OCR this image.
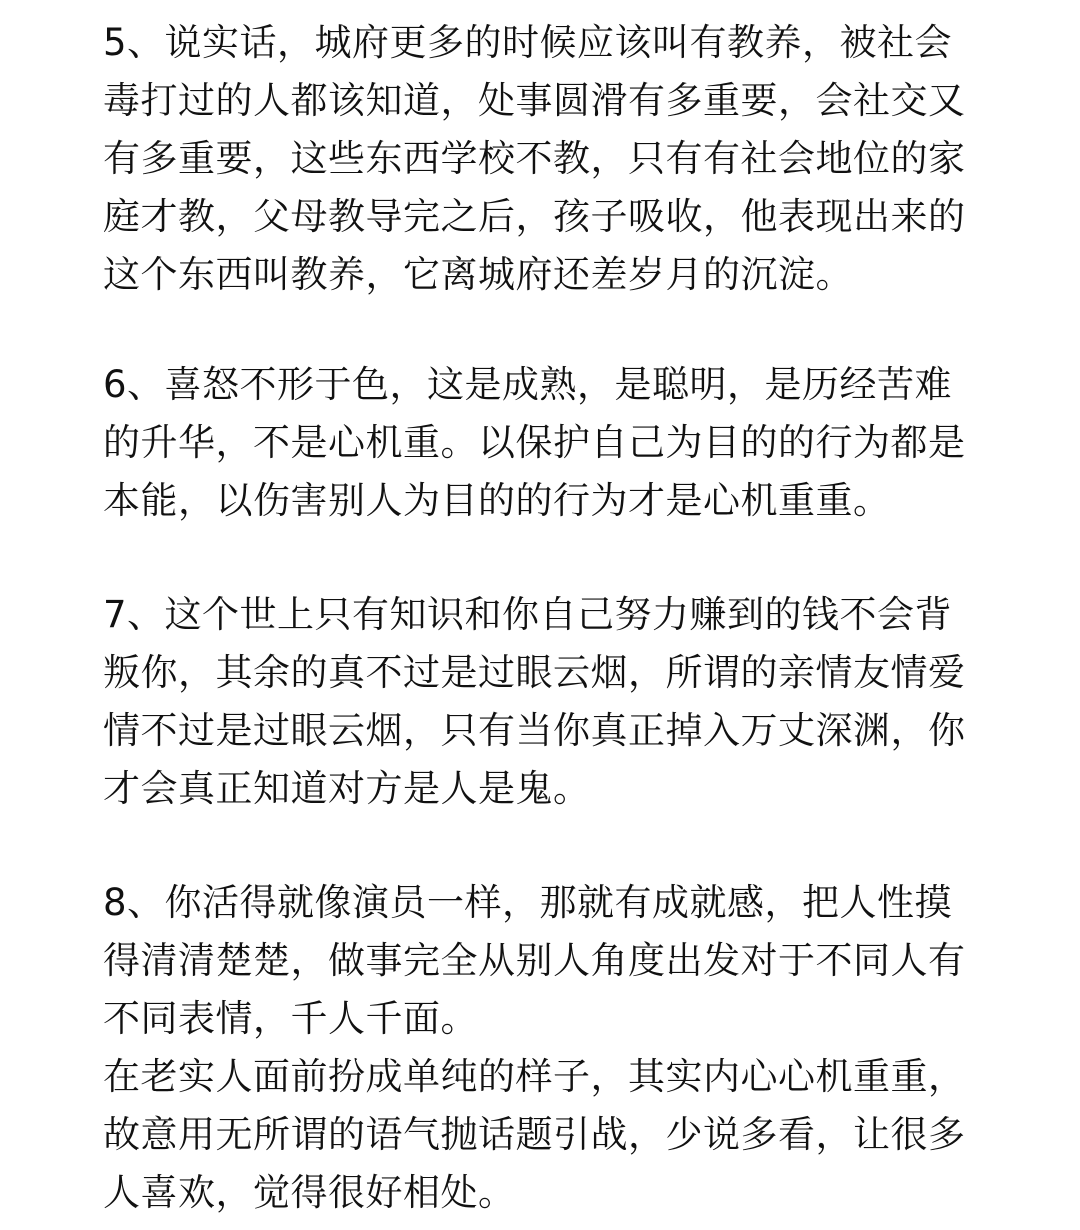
5、说实话，城府更多的时候应该叫有教养，被社会
毒打过的人都该知道，处事圆滑有多重要，会社交又
有多重要，这些东西学校不教，只有有社会地位的家
庭才教，父母教导完之后，孩子吸收，他表现出来的
这个东西叫教养，它离城府还差岁月的沉淀。
6、喜怒不形于色，这是成熟，是聪明，是历经苦难
的升华，不是心机重。以保护自己为目的的行为都是
本能，以伤害别人为目的的行为才是心机重重。
7、这个世上只有知识和你自己努力赚到的钱不会背
叛你，其余的真不过是过眼云烟，所谓的亲情友情爱
情不过是过眼云烟，只有当你真正掉入万丈深渊，你
才会真正知道对方是人是鬼。
8、你活得就像演员一样，那就有成就感，把人性摸
得清清楚楚，做事完全从别人角度出发对于不同人有
不同表情，千人千面。
在老实人面前扮成单纯的样子，其实内心心机重重，
故意用无所谓的语气抛话题引战，少说多看，让很多
人喜欢，觉得很好相处。
